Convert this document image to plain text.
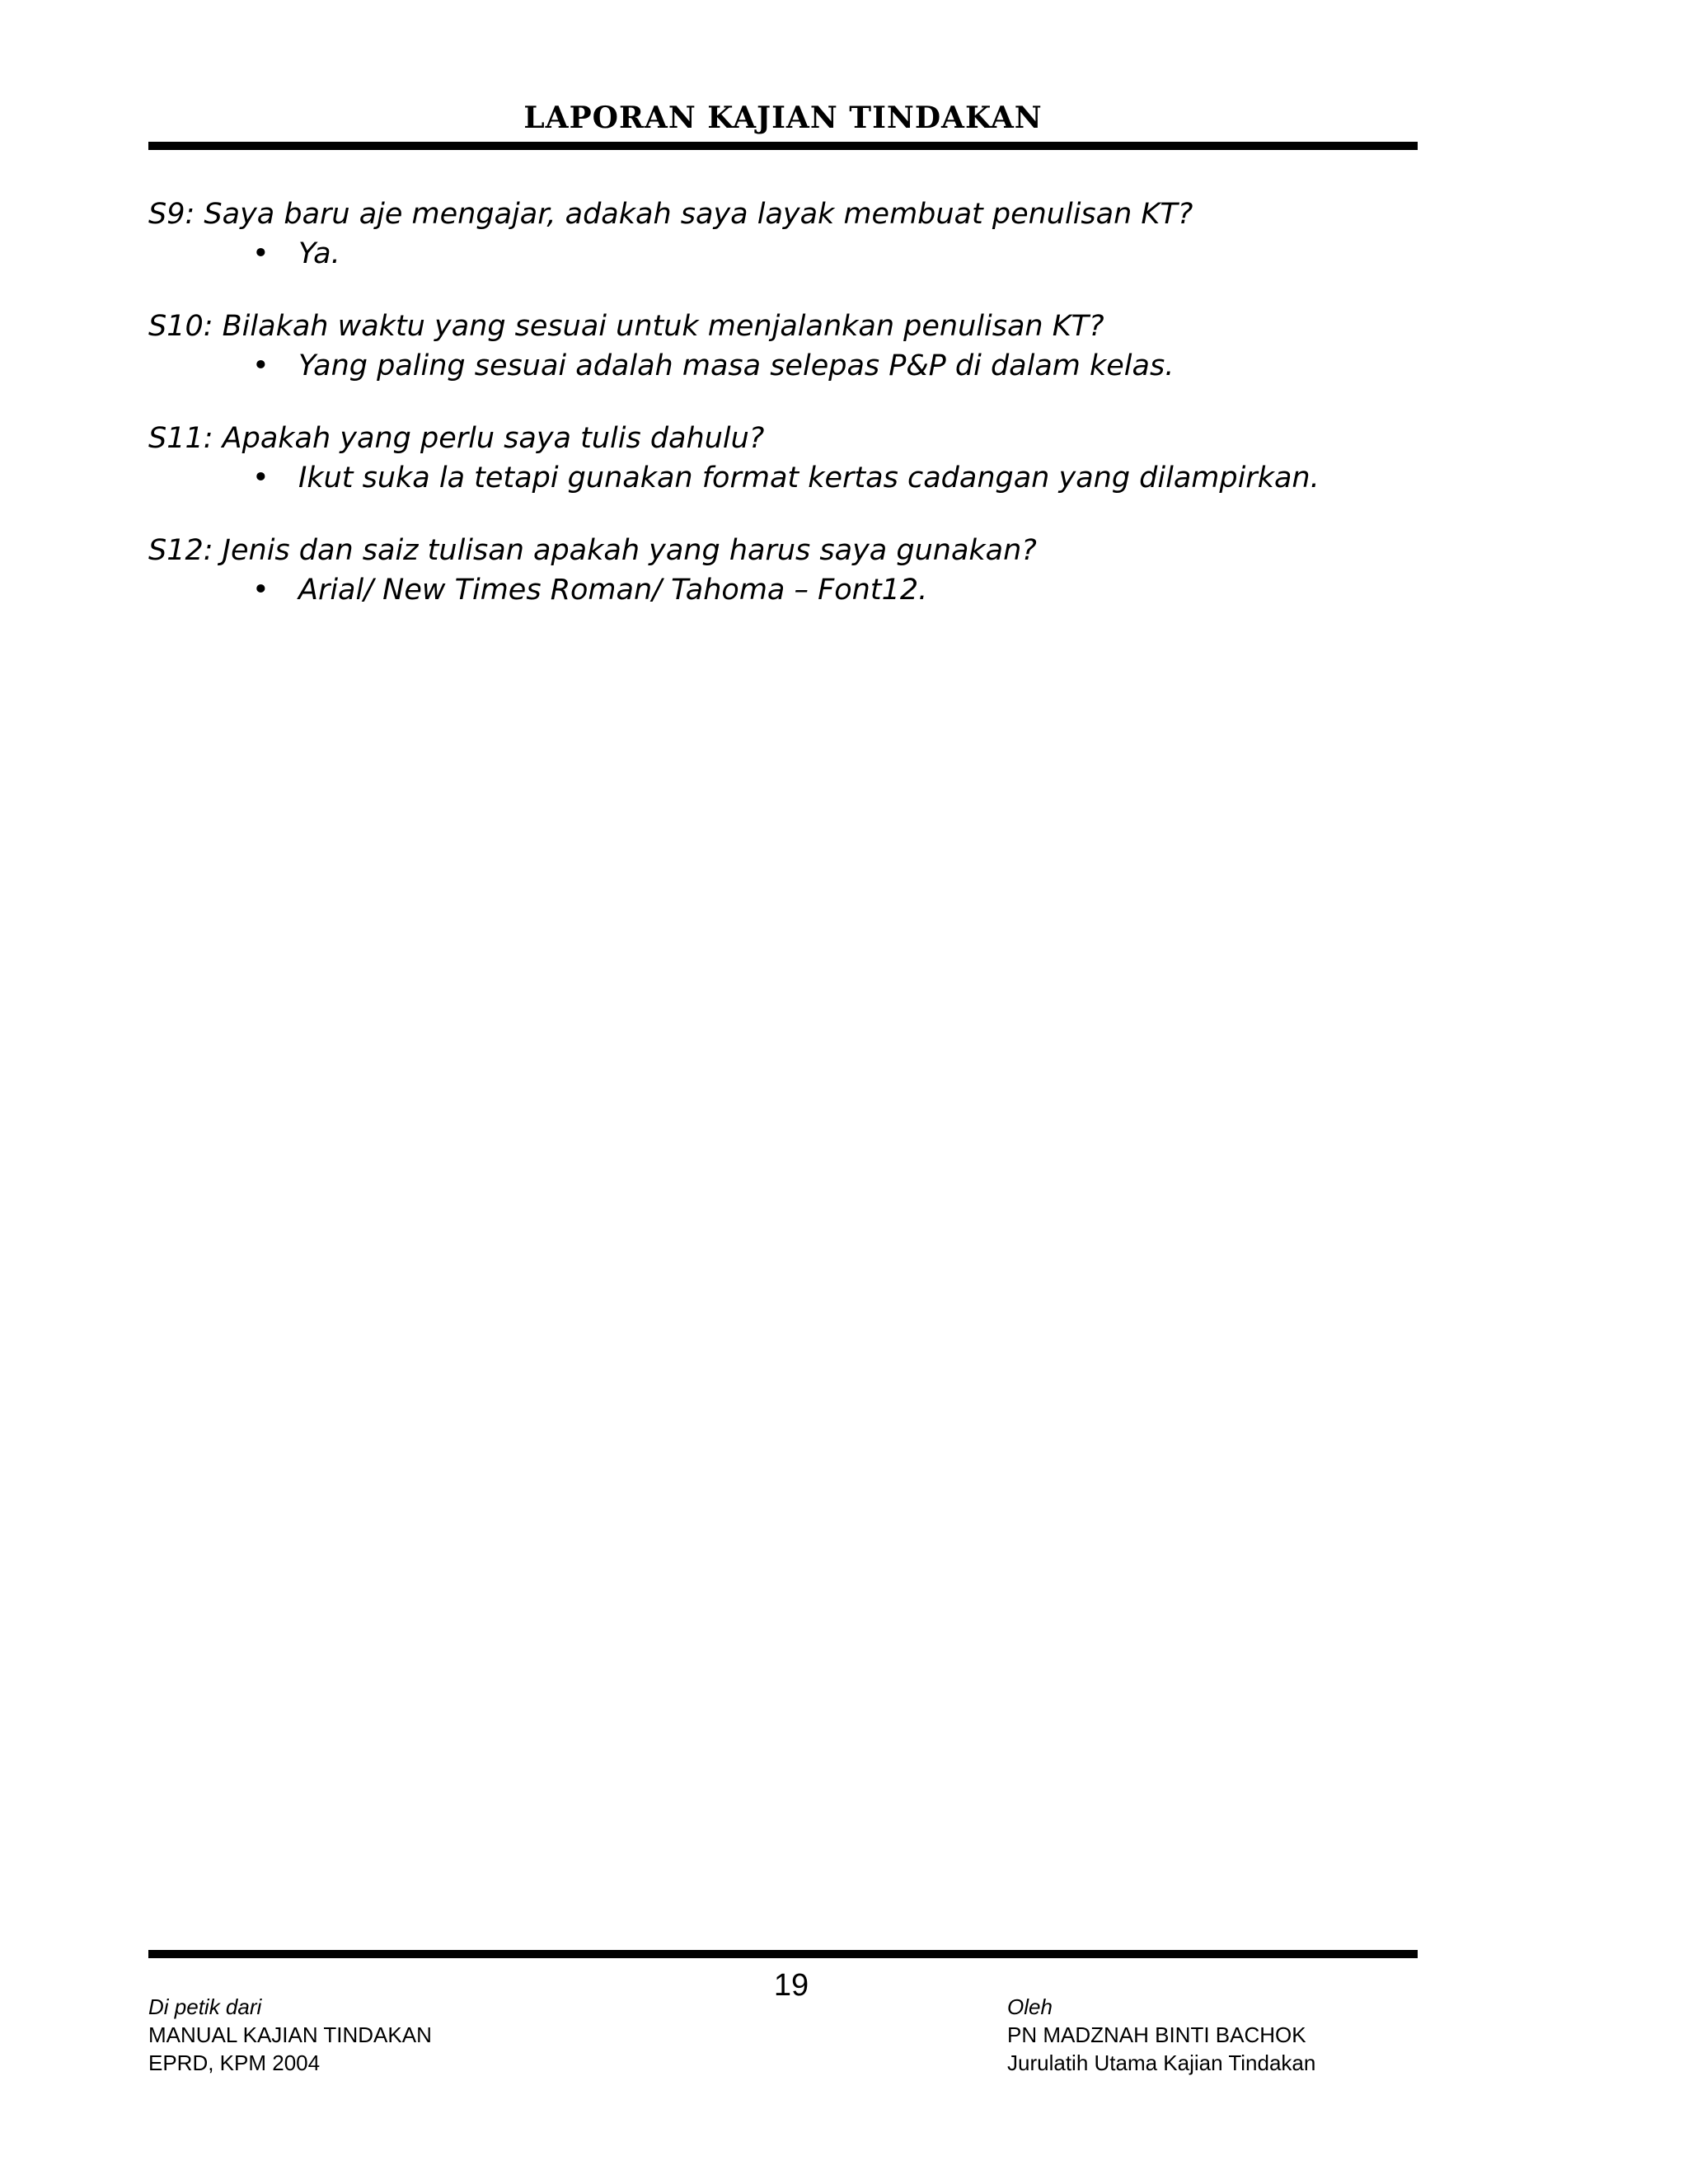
LAPORAN KAJIAN TINDAKAN
S9: Saya baru aje mengajar, adakah saya layak membuat penulisan KT?
• Ya.
S10: Bilakah waktu yang sesuai untuk menjalankan penulisan KT?
• Yang paling sesuai adalah masa selepas P&P di dalam kelas.
S11: Apakah yang perlu saya tulis dahulu?
• Ikut suka la tetapi gunakan format kertas cadangan yang dilampirkan.
S12: Jenis dan saiz tulisan apakah yang harus saya gunakan?
• Arial/ New Times Roman/ Tahoma – Font12.
19
Di petik dari
MANUAL KAJIAN TINDAKAN
EPRD, KPM 2004
Oleh
PN MADZNAH BINTI BACHOK
Jurulatih Utama Kajian Tindakan
